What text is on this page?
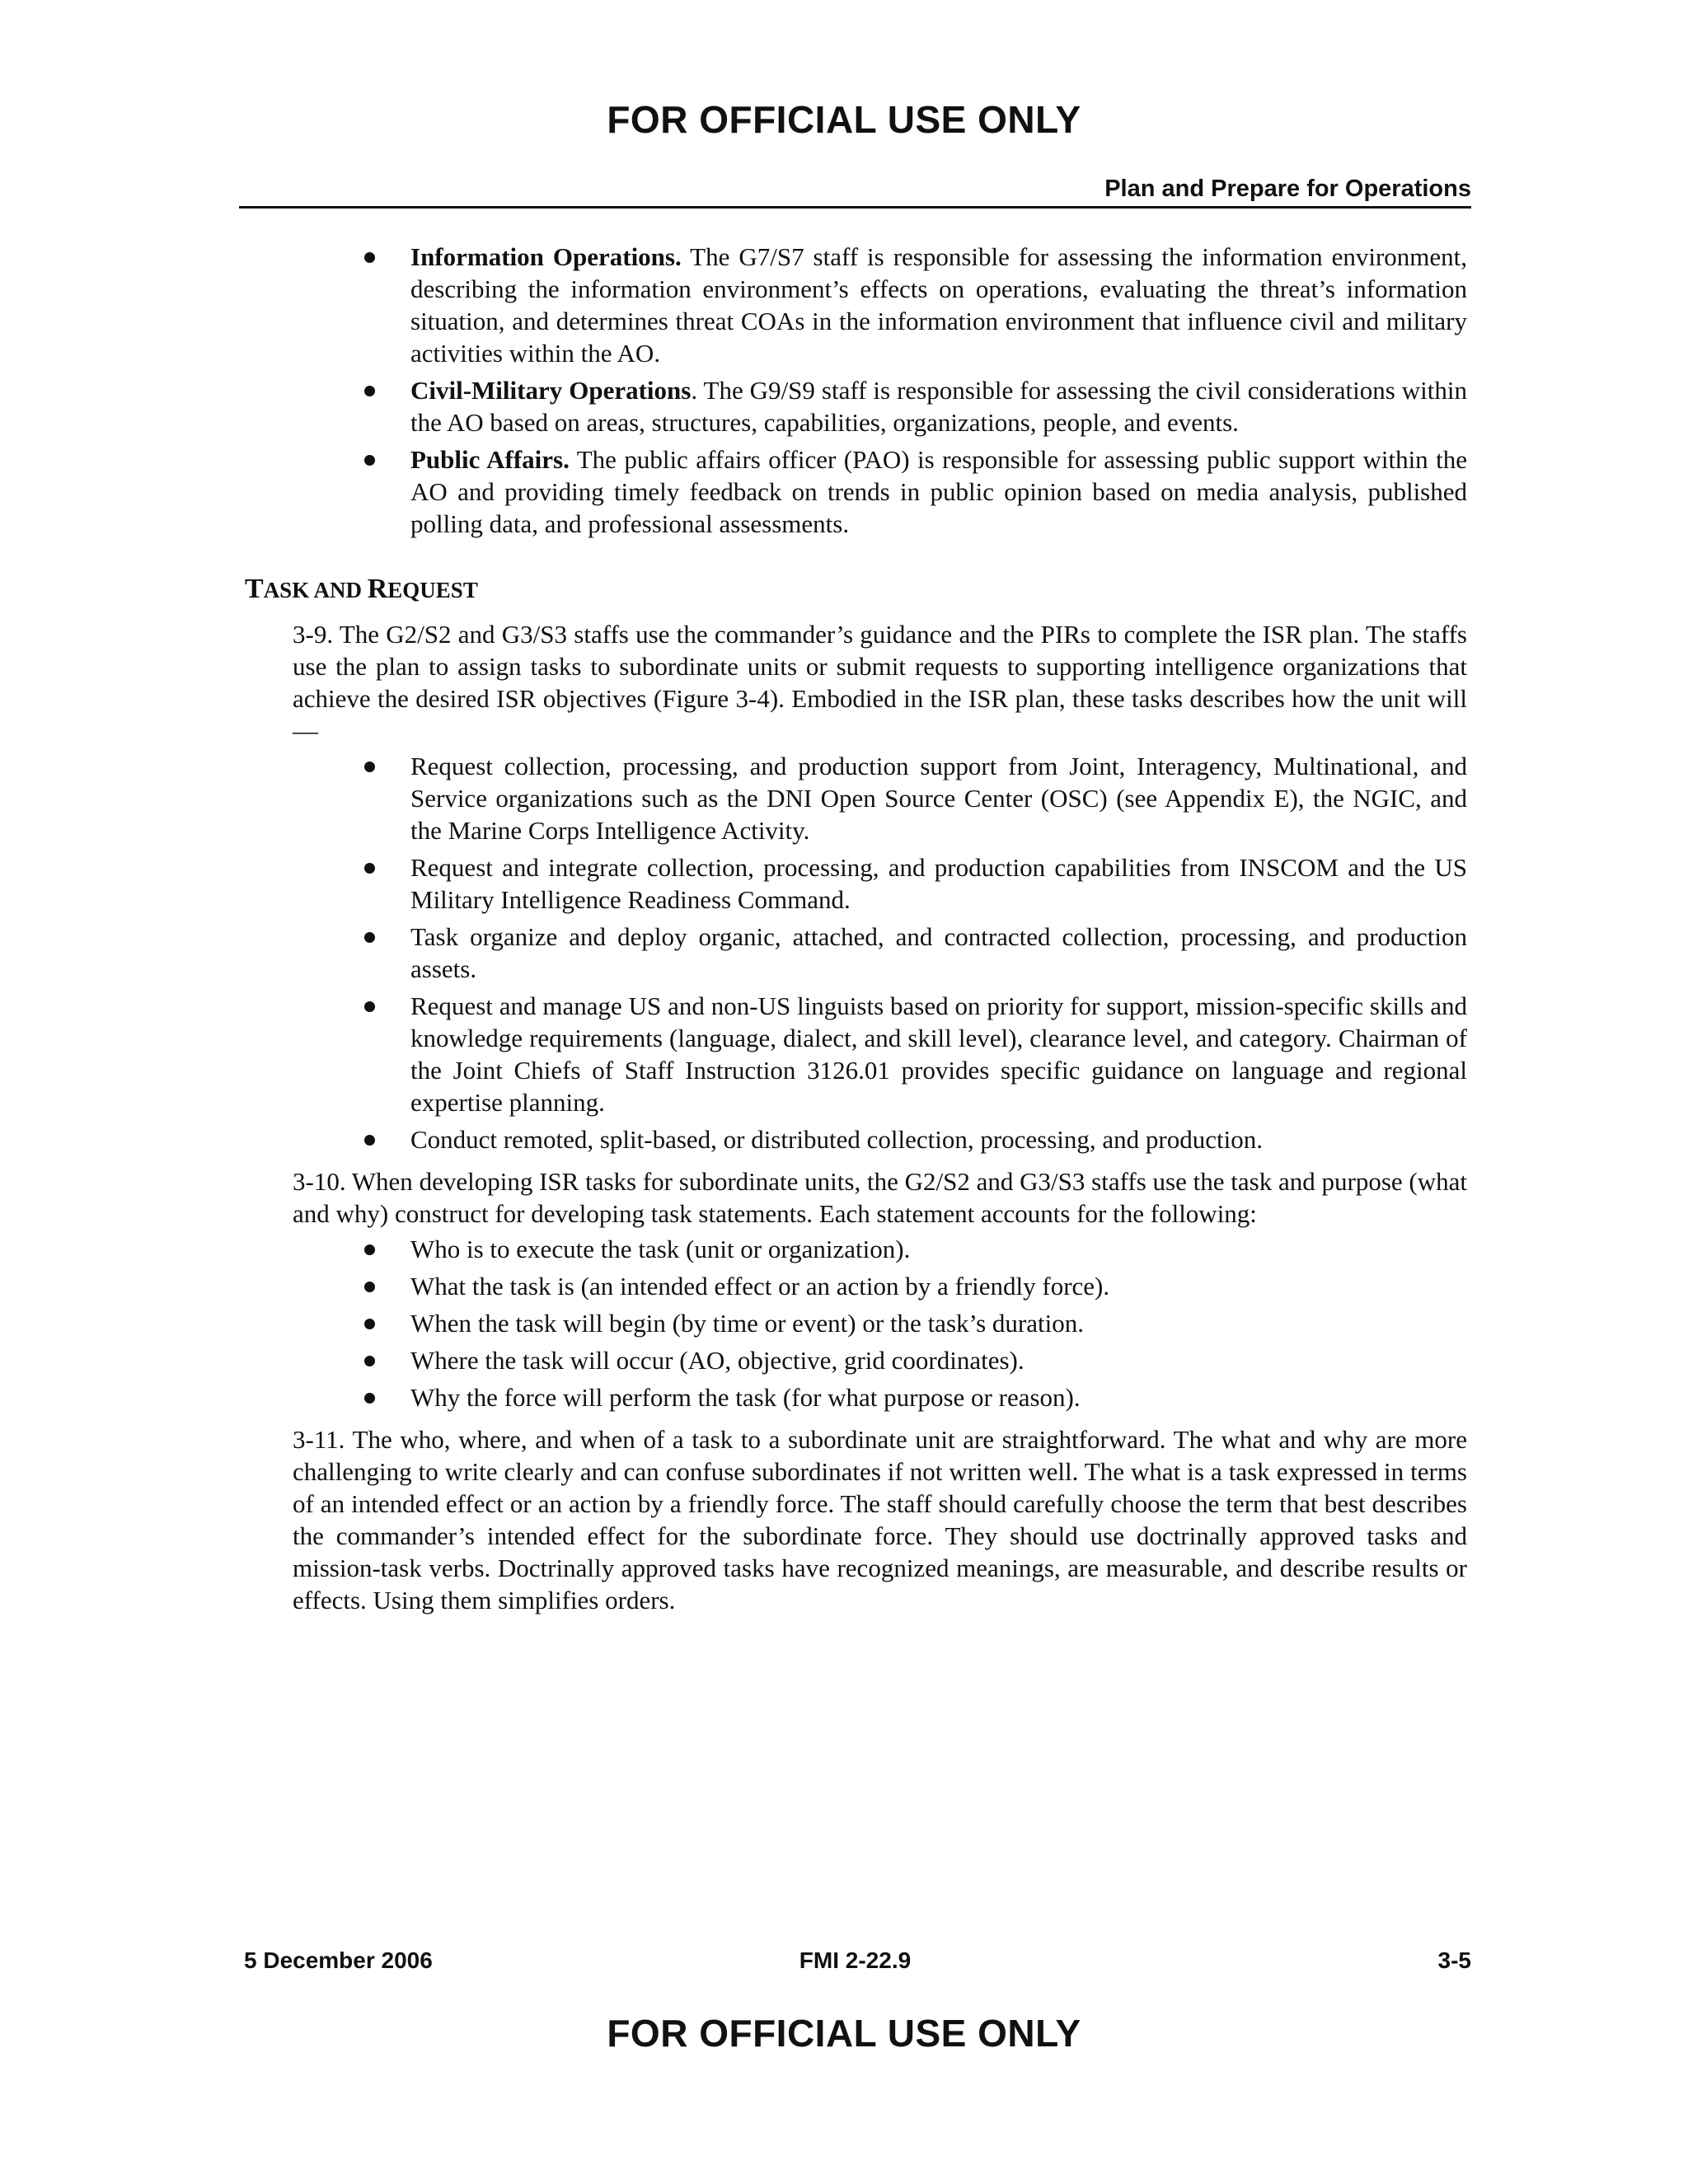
FOR OFFICIAL USE ONLY
Plan and Prepare for Operations
Information Operations. The G7/S7 staff is responsible for assessing the information environment, describing the information environment’s effects on operations, evaluating the threat’s information situation, and determines threat COAs in the information environment that influence civil and military activities within the AO.
Civil-Military Operations. The G9/S9 staff is responsible for assessing the civil considerations within the AO based on areas, structures, capabilities, organizations, people, and events.
Public Affairs. The public affairs officer (PAO) is responsible for assessing public support within the AO and providing timely feedback on trends in public opinion based on media analysis, published polling data, and professional assessments.
TASK AND REQUEST

3-9. The G2/S2 and G3/S3 staffs use the commander’s guidance and the PIRs to complete the ISR plan. The staffs use the plan to assign tasks to subordinate units or submit requests to supporting intelligence organizations that achieve the desired ISR objectives (Figure 3-4). Embodied in the ISR plan, these tasks describes how the unit will—

Request collection, processing, and production support from Joint, Interagency, Multinational, and Service organizations such as the DNI Open Source Center (OSC) (see Appendix E), the NGIC, and the Marine Corps Intelligence Activity.
Request and integrate collection, processing, and production capabilities from INSCOM and the US Military Intelligence Readiness Command.
Task organize and deploy organic, attached, and contracted collection, processing, and production assets.
Request and manage US and non-US linguists based on priority for support, mission-specific skills and knowledge requirements (language, dialect, and skill level), clearance level, and category. Chairman of the Joint Chiefs of Staff Instruction 3126.01 provides specific guidance on language and regional expertise planning.
Conduct remoted, split-based, or distributed collection, processing, and production.

3-10. When developing ISR tasks for subordinate units, the G2/S2 and G3/S3 staffs use the task and purpose (what and why) construct for developing task statements. Each statement accounts for the following:

Who is to execute the task (unit or organization).
What the task is (an intended effect or an action by a friendly force).
When the task will begin (by time or event) or the task’s duration.
Where the task will occur (AO, objective, grid coordinates).
Why the force will perform the task (for what purpose or reason).

3-11. The who, where, and when of a task to a subordinate unit are straightforward. The what and why are more challenging to write clearly and can confuse subordinates if not written well. The what is a task expressed in terms of an intended effect or an action by a friendly force. The staff should carefully choose the term that best describes the commander’s intended effect for the subordinate force. They should use doctrinally approved tasks and mission-task verbs. Doctrinally approved tasks have recognized meanings, are measurable, and describe results or effects. Using them simplifies orders.

5 December 2006	FMI 2-22.9	3-5
FOR OFFICIAL USE ONLY
